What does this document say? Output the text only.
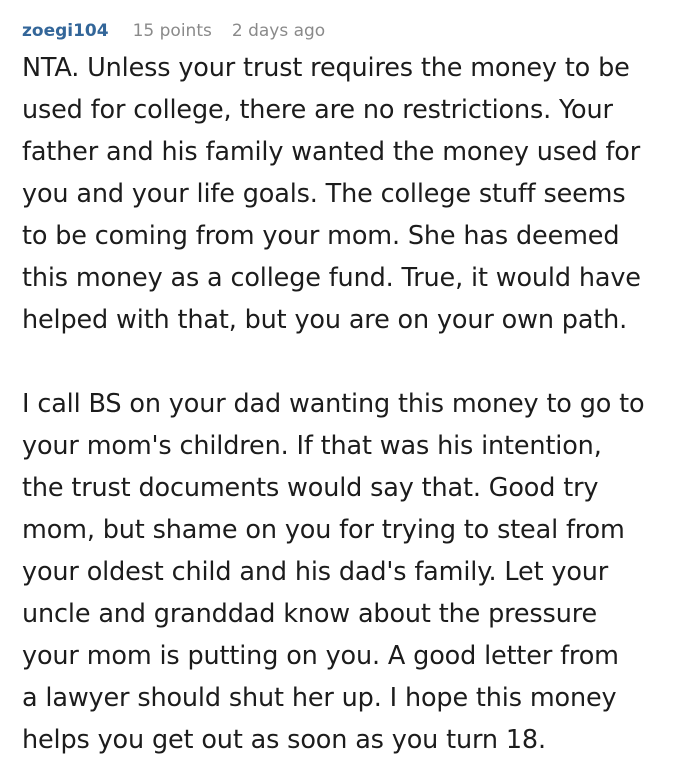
zoegi104 15 points 2 days ago

NTA. Unless your trust requires the money to be
used for college, there are no restrictions. Your
father and his family wanted the money used for
you and your life goals. The college stuff seems
to be coming from your mom. She has deemed
this money as a college fund. True, it would have
helped with that, but you are on your own path.

I call BS on your dad wanting this money to go to
your mom's children. If that was his intention,
the trust documents would say that. Good try
mom, but shame on you for trying to steal from
your oldest child and his dad's family. Let your
uncle and granddad know about the pressure
your mom is putting on you. A good letter from
a lawyer should shut her up. I hope this money
helps you get out as soon as you turn 18.
